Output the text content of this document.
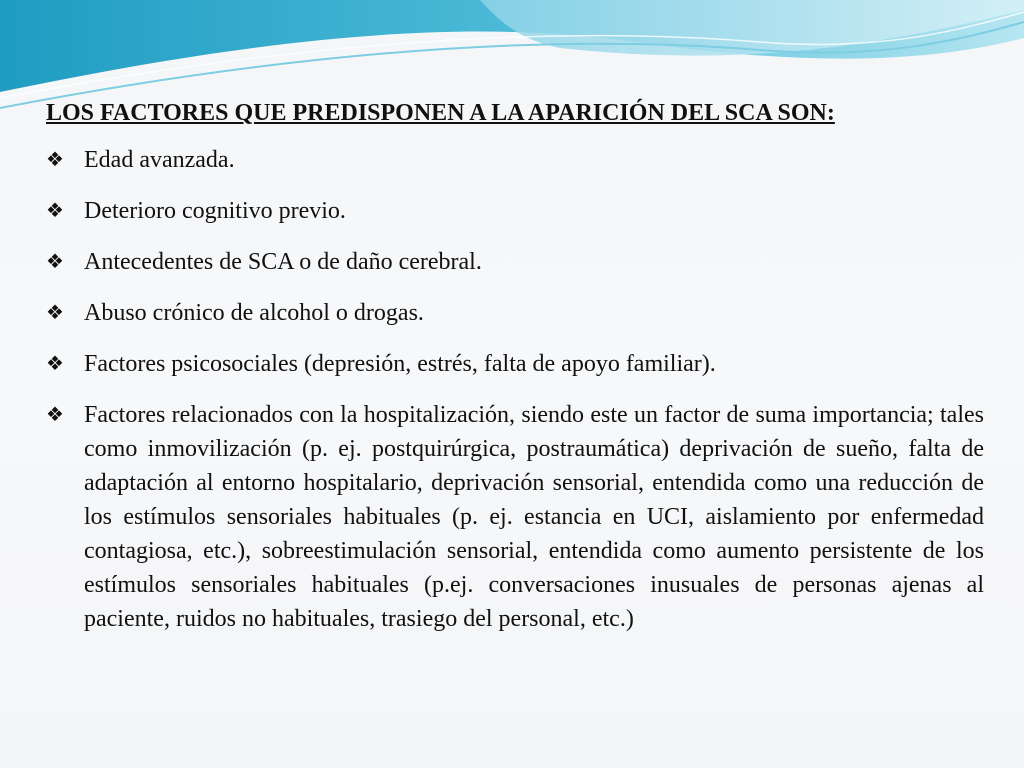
LOS FACTORES QUE PREDISPONEN A LA APARICIÓN DEL SCA SON:
❖ Edad avanzada.
❖ Deterioro cognitivo previo.
❖ Antecedentes de SCA o de daño cerebral.
❖ Abuso crónico de alcohol o drogas.
❖ Factores psicosociales (depresión, estrés, falta de apoyo familiar).
❖ Factores relacionados con la hospitalización, siendo este un factor de suma importancia; tales como inmovilización (p. ej. postquirúrgica, postraumática) deprivación de sueño, falta de adaptación al entorno hospitalario, deprivación sensorial, entendida como una reducción de los estímulos sensoriales habituales (p. ej. estancia en UCI, aislamiento por enfermedad contagiosa, etc.), sobreestimulación sensorial, entendida como aumento persistente de los estímulos sensoriales habituales (p.ej. conversaciones inusuales de personas ajenas al paciente, ruidos no habituales, trasiego del personal, etc.)
